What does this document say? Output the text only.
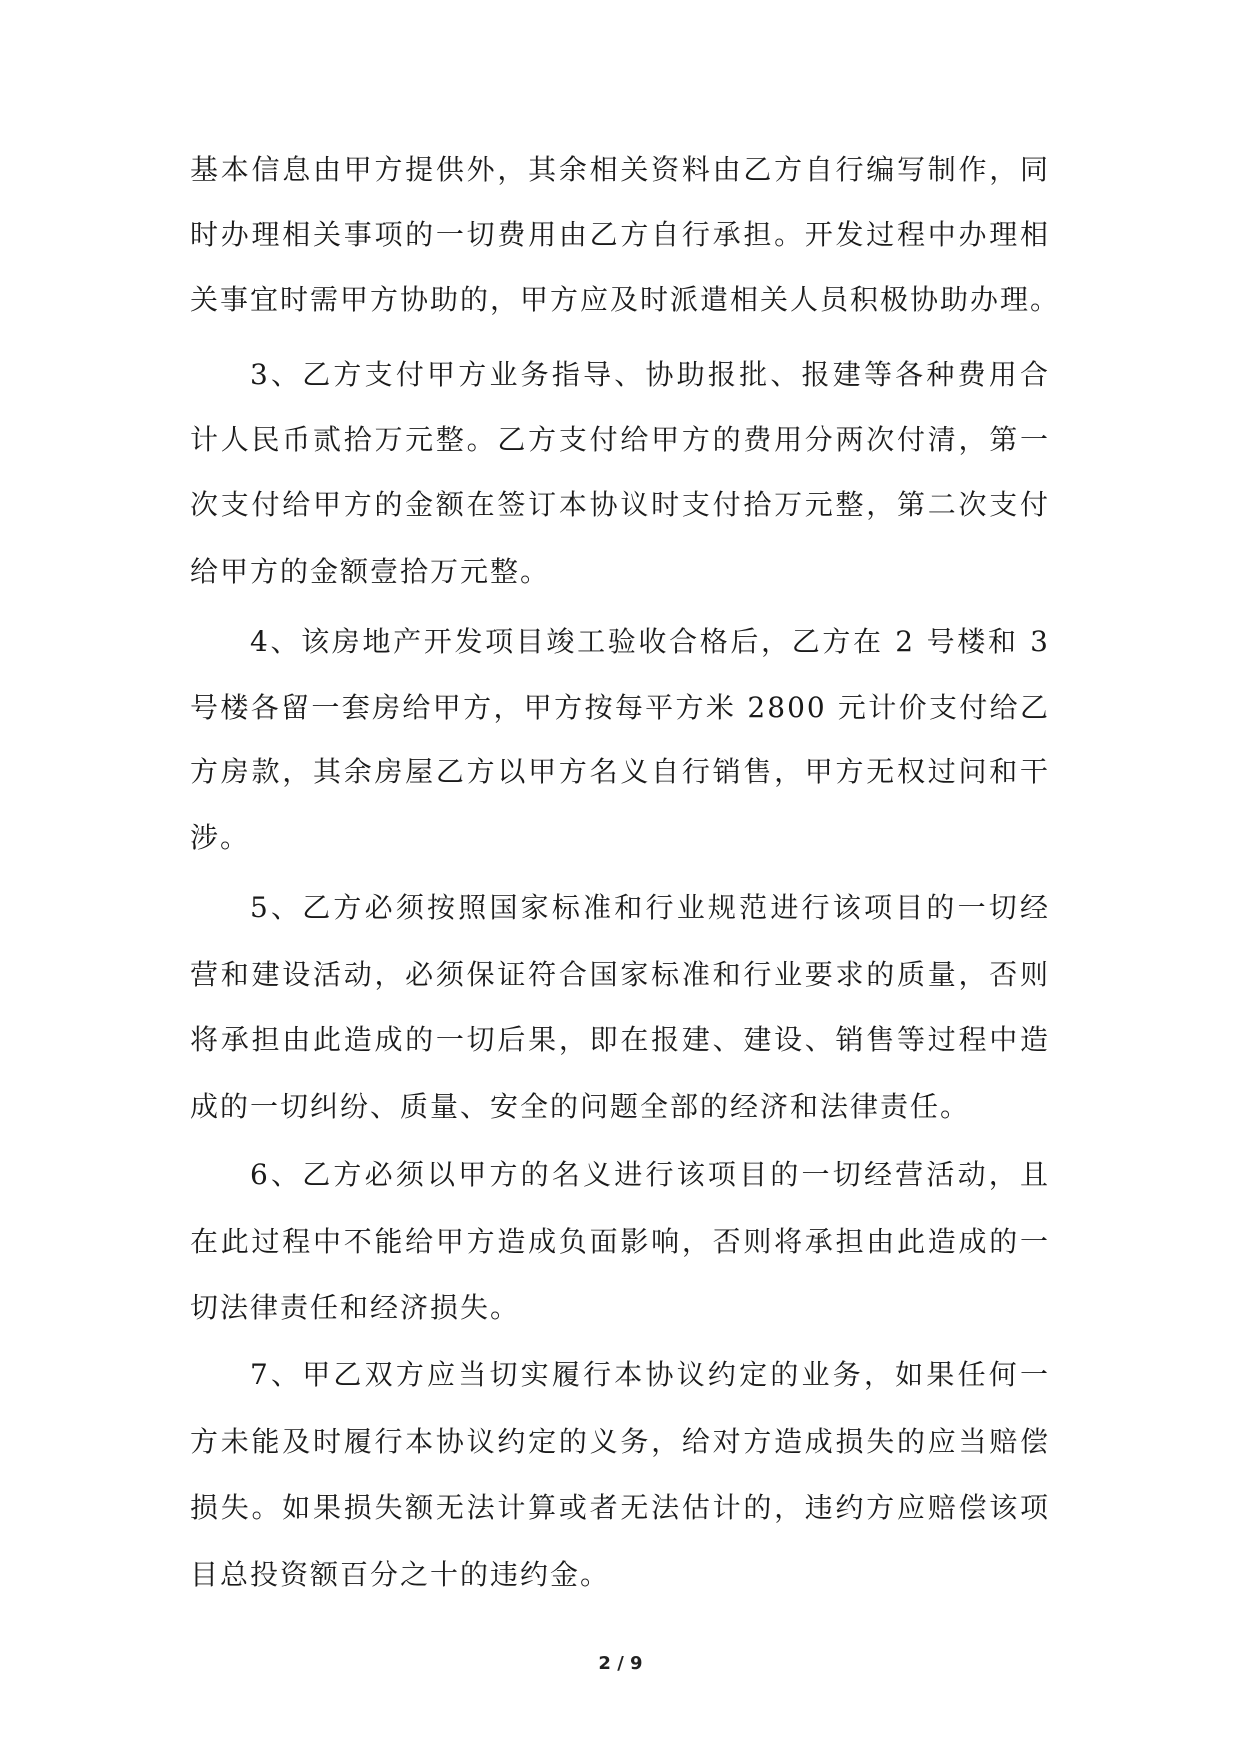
基本信息由甲方提供外，其余相关资料由乙方自行编写制作，同
时办理相关事项的一切费用由乙方自行承担。开发过程中办理相
关事宜时需甲方协助的，甲方应及时派遣相关人员积极协助办理。
3、乙方支付甲方业务指导、协助报批、报建等各种费用合
计人民币贰拾万元整。乙方支付给甲方的费用分两次付清，第一
次支付给甲方的金额在签订本协议时支付拾万元整，第二次支付
给甲方的金额壹拾万元整。
4、该房地产开发项目竣工验收合格后，乙方在 2 号楼和 3
号楼各留一套房给甲方，甲方按每平方米 2800 元计价支付给乙
方房款，其余房屋乙方以甲方名义自行销售，甲方无权过问和干
涉。
5、乙方必须按照国家标准和行业规范进行该项目的一切经
营和建设活动，必须保证符合国家标准和行业要求的质量，否则
将承担由此造成的一切后果，即在报建、建设、销售等过程中造
成的一切纠纷、质量、安全的问题全部的经济和法律责任。
6、乙方必须以甲方的名义进行该项目的一切经营活动，且
在此过程中不能给甲方造成负面影响，否则将承担由此造成的一
切法律责任和经济损失。
7、甲乙双方应当切实履行本协议约定的业务，如果任何一
方未能及时履行本协议约定的义务，给对方造成损失的应当赔偿
损失。如果损失额无法计算或者无法估计的，违约方应赔偿该项
目总投资额百分之十的违约金。
2 / 9
